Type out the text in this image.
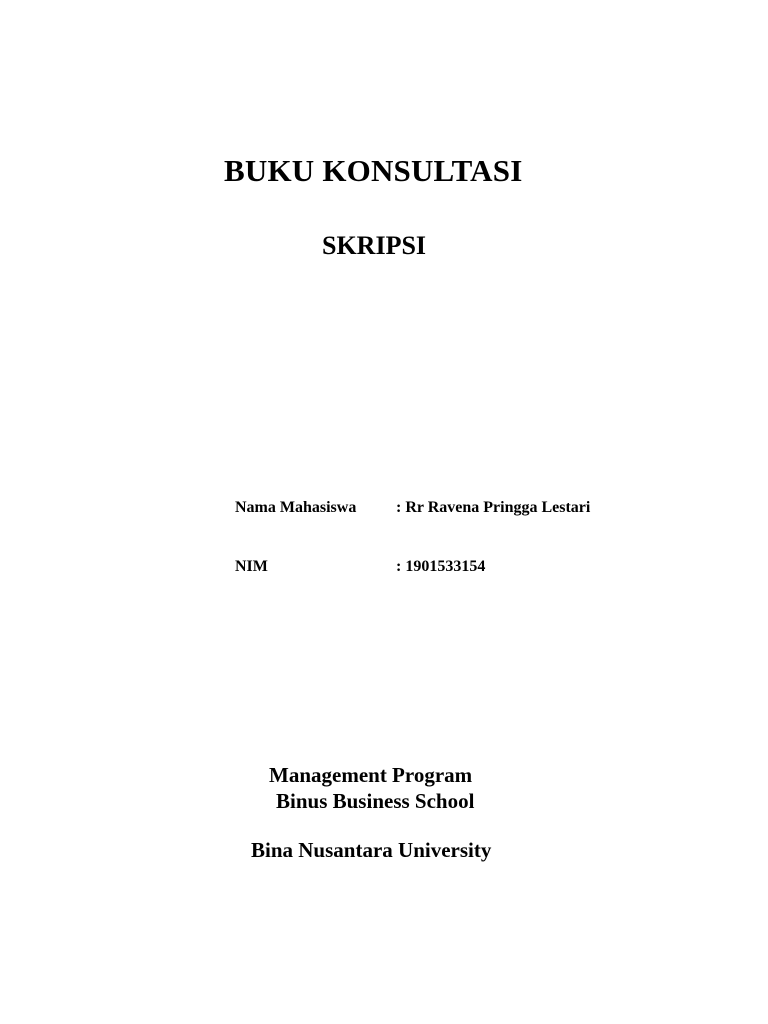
BUKU KONSULTASI
SKRIPSI
Nama Mahasiswa : Rr Ravena Pringga Lestari
NIM	: 1901533154
Management Program
Binus Business School
Bina Nusantara University
